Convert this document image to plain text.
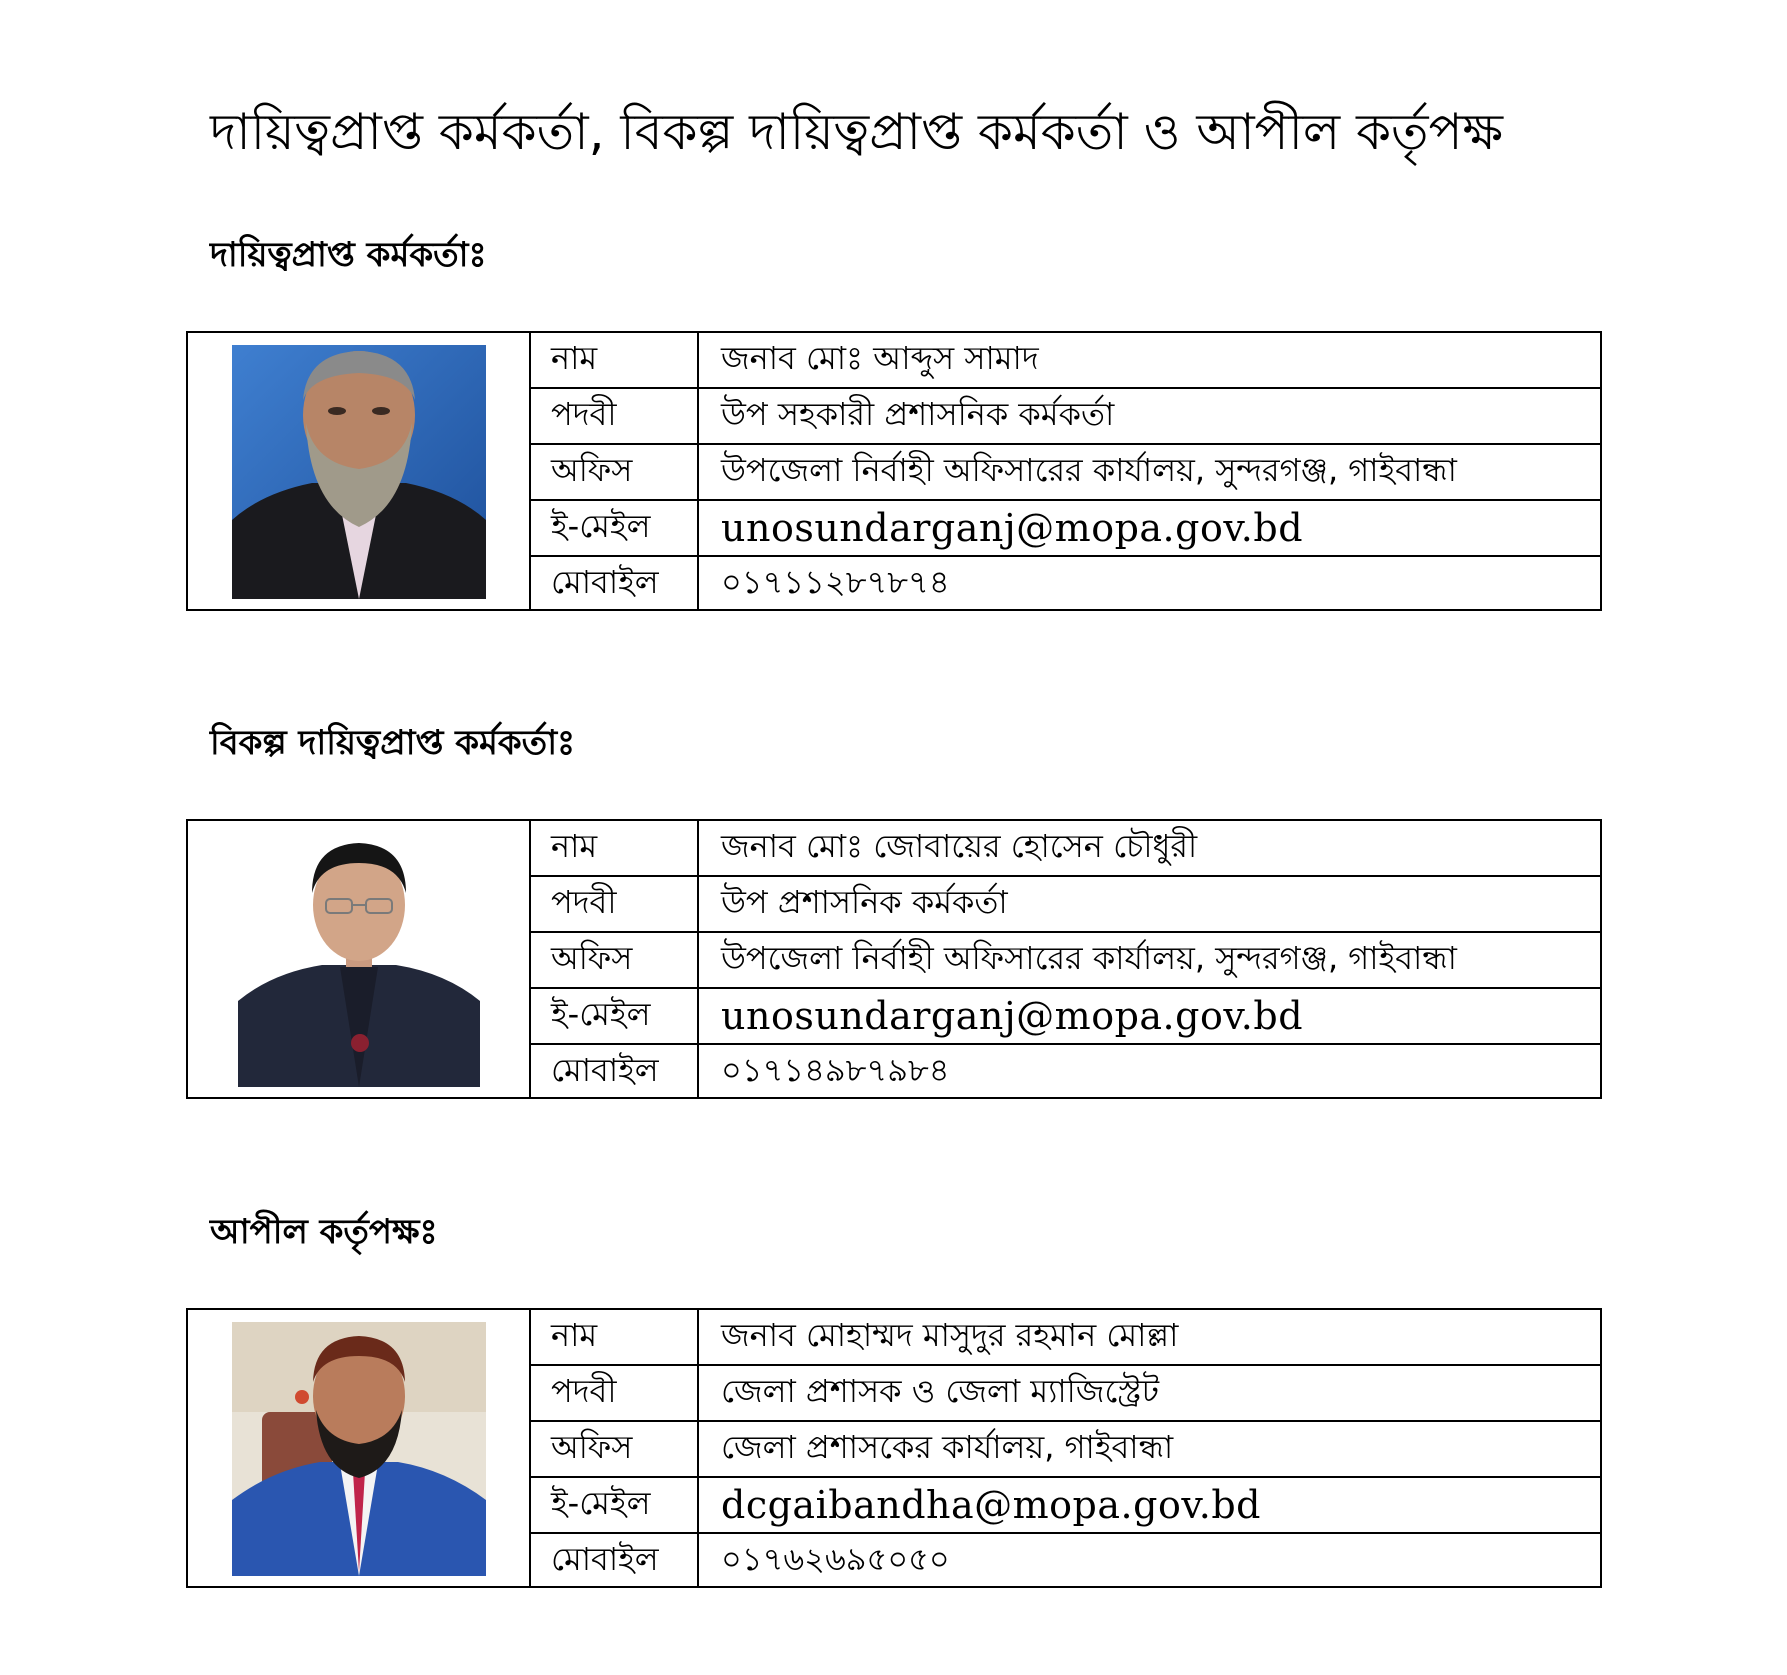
দায়িত্বপ্রাপ্ত কর্মকর্তা, বিকল্প দায়িত্বপ্রাপ্ত কর্মকর্তা ও আপীল কর্তৃপক্ষ
দায়িত্বপ্রাপ্ত কর্মকর্তাঃ
নাম	জনাব মোঃ আব্দুস সামাদ
পদবী	উপ সহকারী প্রশাসনিক কর্মকর্তা
অফিস	উপজেলা নির্বাহী অফিসারের কার্যালয়, সুন্দরগঞ্জ, গাইবান্ধা
ই-মেইল	unosundarganj@mopa.gov.bd
মোবাইল	০১৭১১২৮৭৮৭৪
বিকল্প দায়িত্বপ্রাপ্ত কর্মকর্তাঃ
নাম	জনাব মোঃ জোবায়ের হোসেন চৌধুরী
পদবী	উপ প্রশাসনিক কর্মকর্তা
অফিস	উপজেলা নির্বাহী অফিসারের কার্যালয়, সুন্দরগঞ্জ, গাইবান্ধা
ই-মেইল	unosundarganj@mopa.gov.bd
মোবাইল	০১৭১৪৯৮৭৯৮৪
আপীল কর্তৃপক্ষঃ
নাম	জনাব মোহাম্মদ মাসুদুর রহমান মোল্লা
পদবী	জেলা প্রশাসক ও জেলা ম্যাজিস্ট্রেট
অফিস	জেলা প্রশাসকের কার্যালয়, গাইবান্ধা
ই-মেইল	dcgaibandha@mopa.gov.bd
মোবাইল	০১৭৬২৬৯৫০৫০
